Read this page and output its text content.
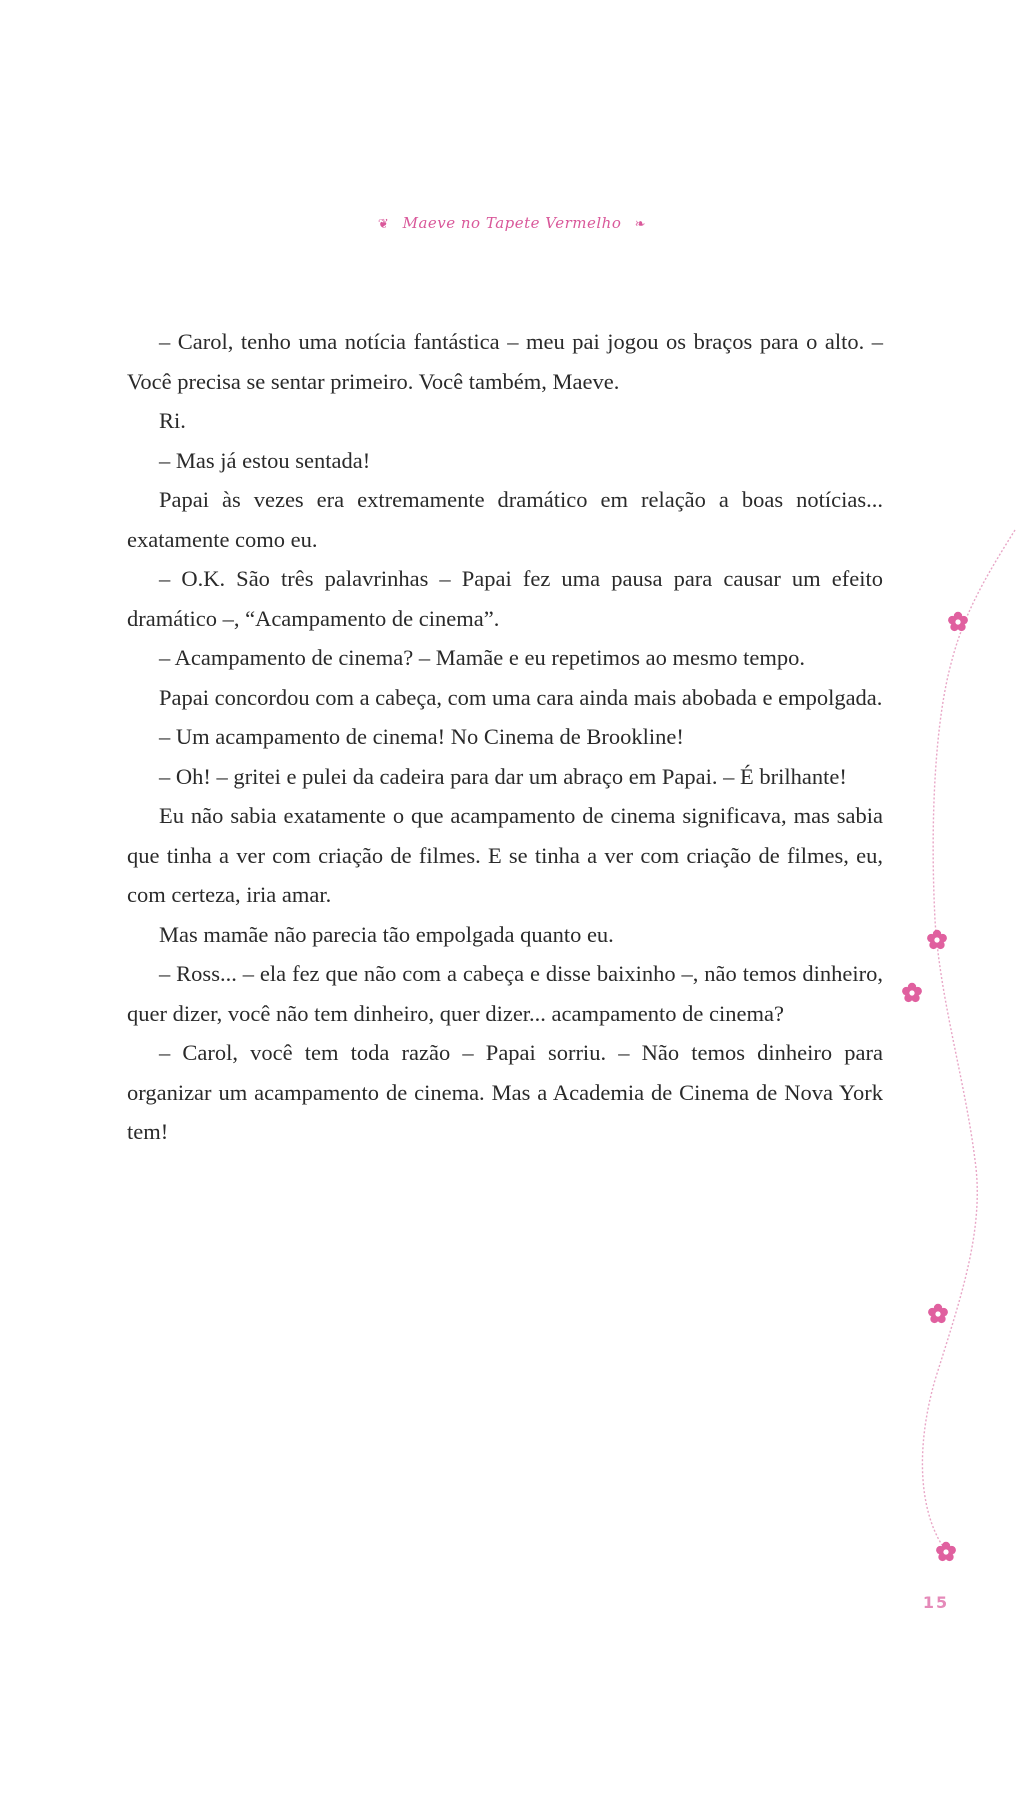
❦ Maeve no Tapete Vermelho ❧

– Carol, tenho uma notícia fantástica – meu pai jogou os braços para o alto. – Você precisa se sentar primeiro. Você também, Maeve.

Ri.

– Mas já estou sentada!

Papai às vezes era extremamente dramático em relação a boas notícias... exatamente como eu.

– O.K. São três palavrinhas – Papai fez uma pausa para causar um efeito dramático –, “Acampamento de cinema”.

– Acampamento de cinema? – Mamãe e eu repetimos ao mesmo tempo.

Papai concordou com a cabeça, com uma cara ainda mais abobada e empolgada.

– Um acampamento de cinema! No Cinema de Brookline!

– Oh! – gritei e pulei da cadeira para dar um abraço em Papai. – É brilhante!

Eu não sabia exatamente o que acampamento de cinema significava, mas sabia que tinha a ver com criação de filmes. E se tinha a ver com criação de filmes, eu, com certeza, iria amar.

Mas mamãe não parecia tão empolgada quanto eu.

– Ross... – ela fez que não com a cabeça e disse baixinho –, não temos dinheiro, quer dizer, você não tem dinheiro, quer dizer... acampamento de cinema?

– Carol, você tem toda razão – Papai sorriu. – Não temos dinheiro para organizar um acampamento de cinema. Mas a Academia de Cinema de Nova York tem!

15
